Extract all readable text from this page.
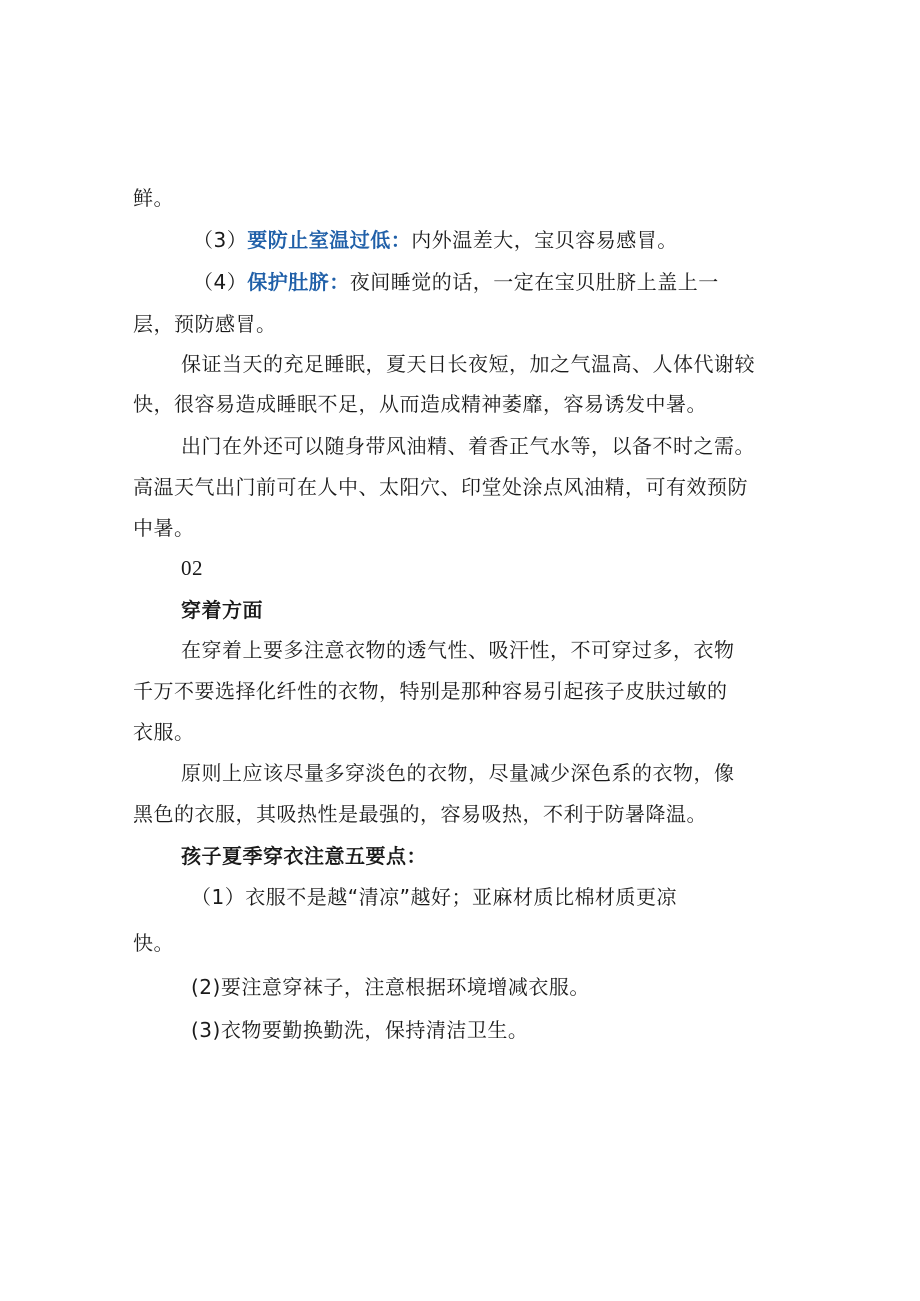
鲜。
（3）要防止室温过低：内外温差大，宝贝容易感冒。
（4）保护肚脐：夜间睡觉的话，一定在宝贝肚脐上盖上一
层，预防感冒。
保证当天的充足睡眠，夏天日长夜短，加之气温高、人体代谢较
快，很容易造成睡眠不足，从而造成精神萎靡，容易诱发中暑。
出门在外还可以随身带风油精、着香正气水等，以备不时之需。
高温天气出门前可在人中、太阳穴、印堂处涂点风油精，可有效预防
中暑。
02
穿着方面
在穿着上要多注意衣物的透气性、吸汗性，不可穿过多，衣物
千万不要选择化纤性的衣物，特别是那种容易引起孩子皮肤过敏的
衣服。
原则上应该尽量多穿淡色的衣物，尽量减少深色系的衣物，像
黑色的衣服，其吸热性是最强的，容易吸热，不利于防暑降温。
孩子夏季穿衣注意五要点：
（1）衣服不是越“清凉”越好；亚麻材质比棉材质更凉
快。
(2)要注意穿袜子，注意根据环境增减衣服。
(3)衣物要勤换勤洗，保持清洁卫生。
